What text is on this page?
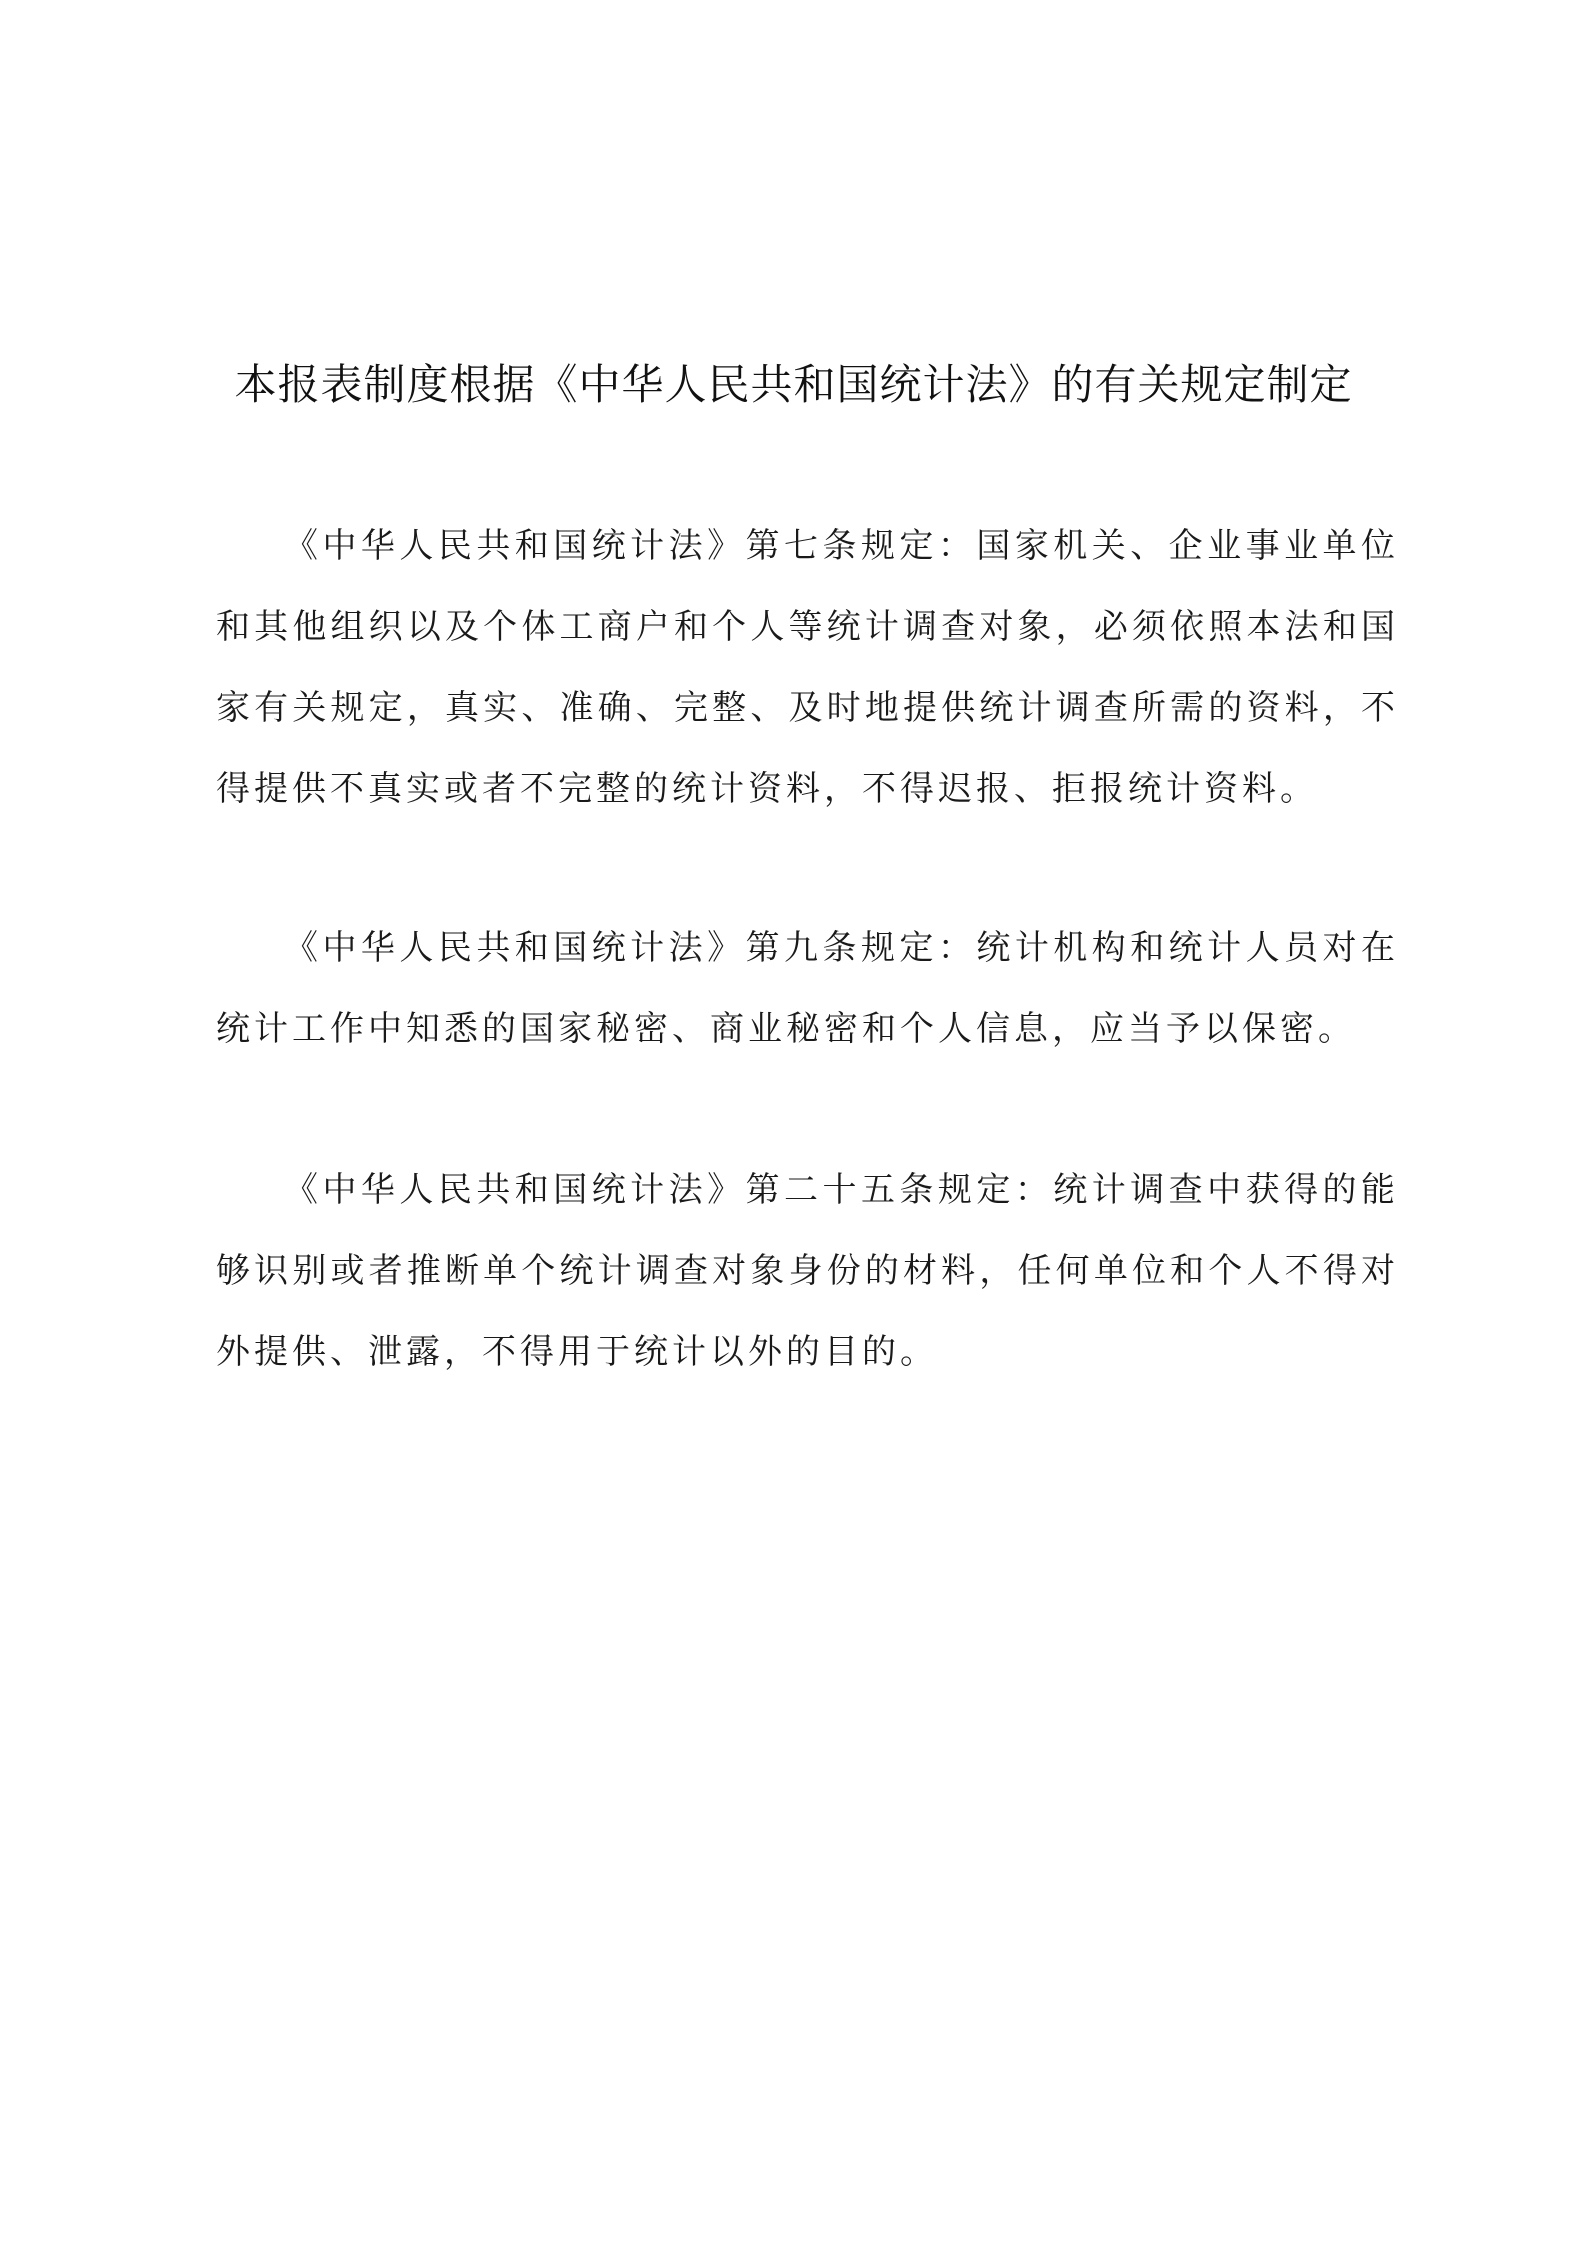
本报表制度根据《中华人民共和国统计法》的有关规定制定

《中华人民共和国统计法》第七条规定：国家机关、企业事业单位和其他组织以及个体工商户和个人等统计调查对象，必须依照本法和国家有关规定，真实、准确、完整、及时地提供统计调查所需的资料，不得提供不真实或者不完整的统计资料，不得迟报、拒报统计资料。

《中华人民共和国统计法》第九条规定：统计机构和统计人员对在统计工作中知悉的国家秘密、商业秘密和个人信息，应当予以保密。

《中华人民共和国统计法》第二十五条规定：统计调查中获得的能够识别或者推断单个统计调查对象身份的材料，任何单位和个人不得对外提供、泄露，不得用于统计以外的目的。
